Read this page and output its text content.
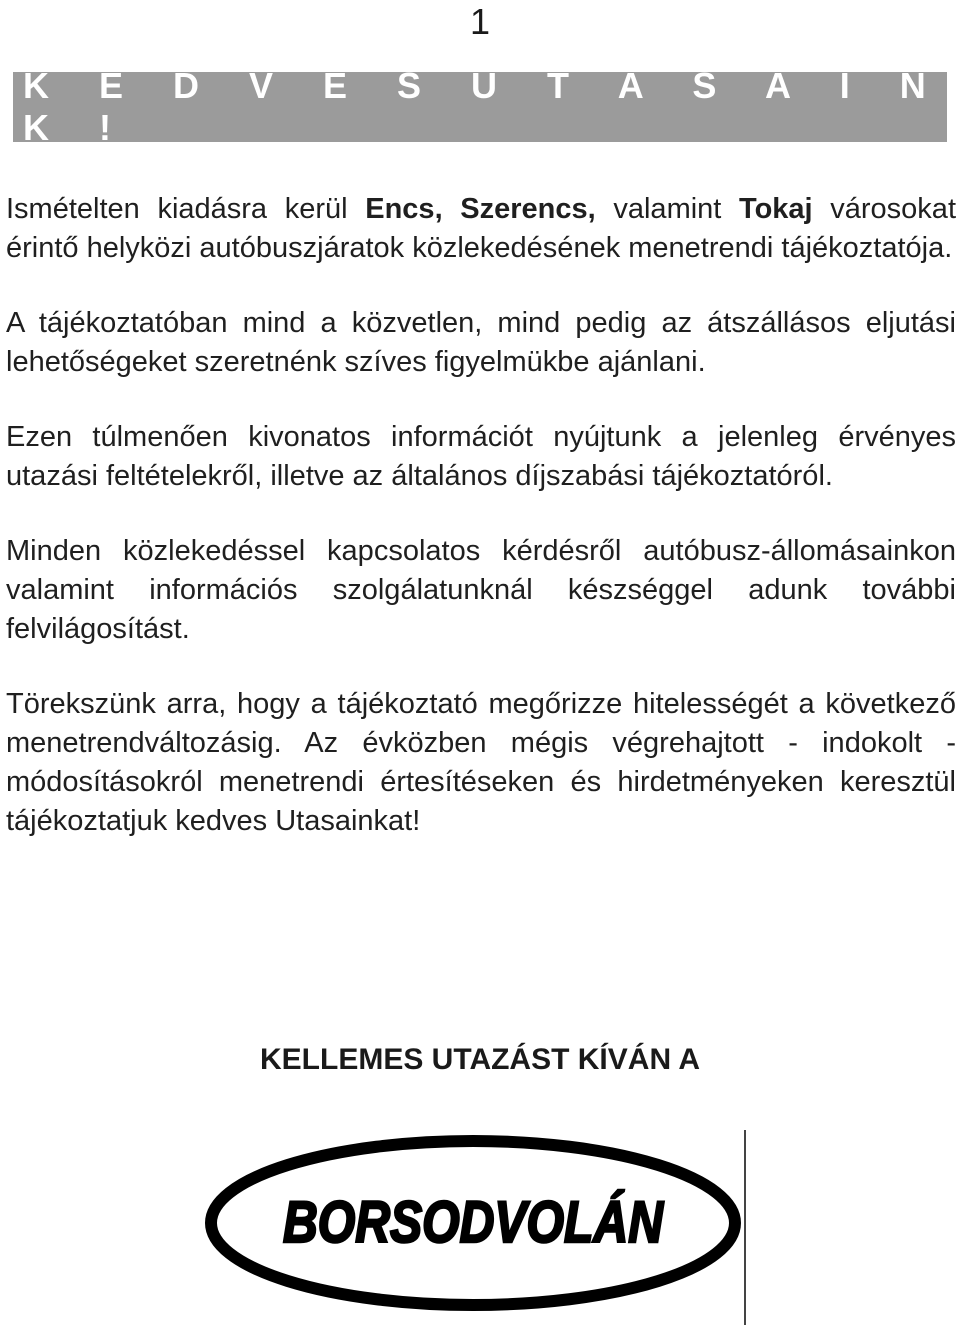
1
K E D V E S U T A S A I N K !

Ismételten kiadásra kerül Encs, Szerencs, valamint Tokaj városokat érintő helyközi autóbuszjáratok közlekedésének menetrendi tájékoztatója.

A tájékoztatóban mind a közvetlen, mind pedig az átszállásos eljutási lehetőségeket szeretnénk szíves figyelmükbe ajánlani.

Ezen túlmenően kivonatos információt nyújtunk a jelenleg érvényes utazási feltételekről, illetve az általános díjszabási tájékoztatóról.

Minden közlekedéssel kapcsolatos kérdésről autóbusz-állomásainkon valamint információs szolgálatunknál készséggel adunk további felvilágosítást.

Törekszünk arra, hogy a tájékoztató megőrizze hitelességét a következő menetrendváltozásig. Az évközben mégis végrehajtott - indokolt - módosításokról menetrendi értesítéseken és hirdetményeken keresztül tájékoztatjuk kedves Utasainkat!

KELLEMES UTAZÁST KÍVÁN A
BORSODVOLÁN
